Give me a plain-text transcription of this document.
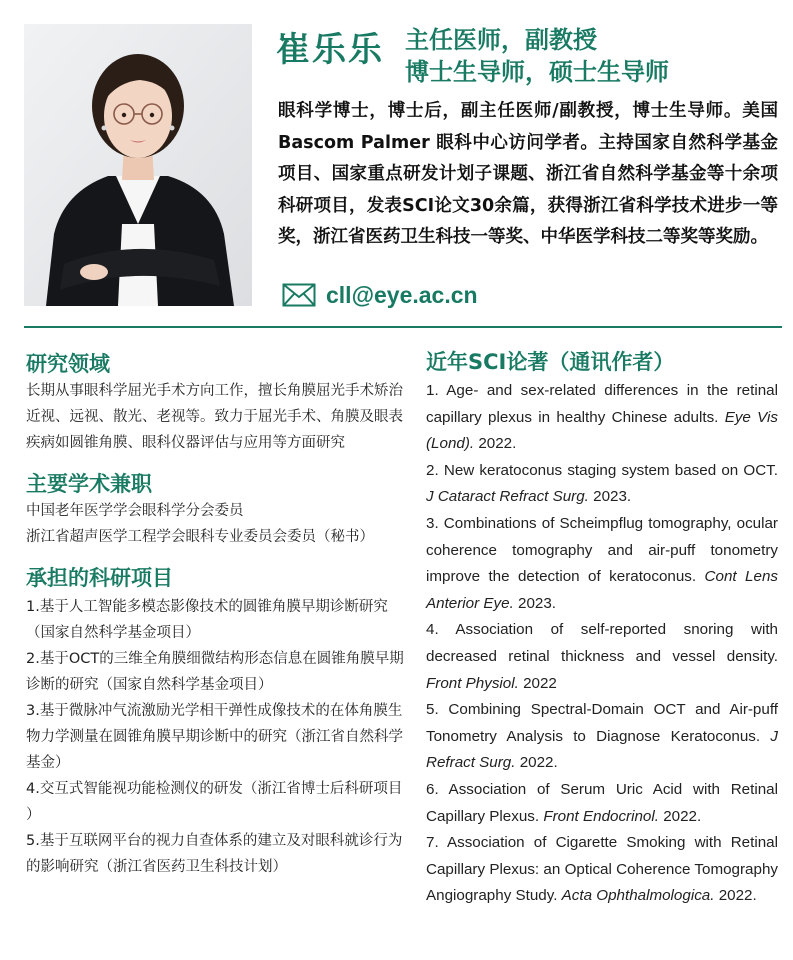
崔乐乐 主任医师，副教授
博士生导师，硕士生导师
眼科学博士，博士后，副主任医师/副教授，博士生导师。美国 Bascom Palmer 眼科中心访问学者。主持国家自然科学基金项目、国家重点研发计划子课题、浙江省自然科学基金等十余项科研项目，发表SCI论文30余篇，获得浙江省科学技术进步一等奖，浙江省医药卫生科技一等奖、中华医学科技二等奖等奖励。
cll@eye.ac.cn
研究领域
长期从事眼科学屈光手术方向工作，擅长角膜屈光手术矫治近视、远视、散光、老视等。致力于屈光手术、角膜及眼表疾病如圆锥角膜、眼科仪器评估与应用等方面研究
主要学术兼职
中国老年医学学会眼科学分会委员
浙江省超声医学工程学会眼科专业委员会委员（秘书）
承担的科研项目
1.基于人工智能多模态影像技术的圆锥角膜早期诊断研究（国家自然科学基金项目）
2.基于OCT的三维全角膜细微结构形态信息在圆锥角膜早期诊断的研究（国家自然科学基金项目）
3.基于微脉冲气流激励光学相干弹性成像技术的在体角膜生物力学测量在圆锥角膜早期诊断中的研究（浙江省自然科学基金）
4.交互式智能视功能检测仪的研发（浙江省博士后科研项目 ）
5.基于互联网平台的视力自查体系的建立及对眼科就诊行为的影响研究（浙江省医药卫生科技计划）
近年SCI论著（通讯作者）
1. Age- and sex-related differences in the retinal capillary plexus in healthy Chinese adults. Eye Vis (Lond). 2022.
2. New keratoconus staging system based on OCT. J Cataract Refract Surg. 2023.
3. Combinations of Scheimpflug tomography, ocular coherence tomography and air-puff tonometry improve the detection of keratoconus. Cont Lens Anterior Eye. 2023.
4. Association of self-reported snoring with decreased retinal thickness and vessel density. Front Physiol. 2022
5. Combining Spectral-Domain OCT and Air-puff Tonometry Analysis to Diagnose Keratoconus. J Refract Surg. 2022.
6. Association of Serum Uric Acid with Retinal Capillary Plexus. Front Endocrinol. 2022.
7. Association of Cigarette Smoking with Retinal Capillary Plexus: an Optical Coherence Tomography Angiography Study. Acta Ophthalmologica. 2022.
